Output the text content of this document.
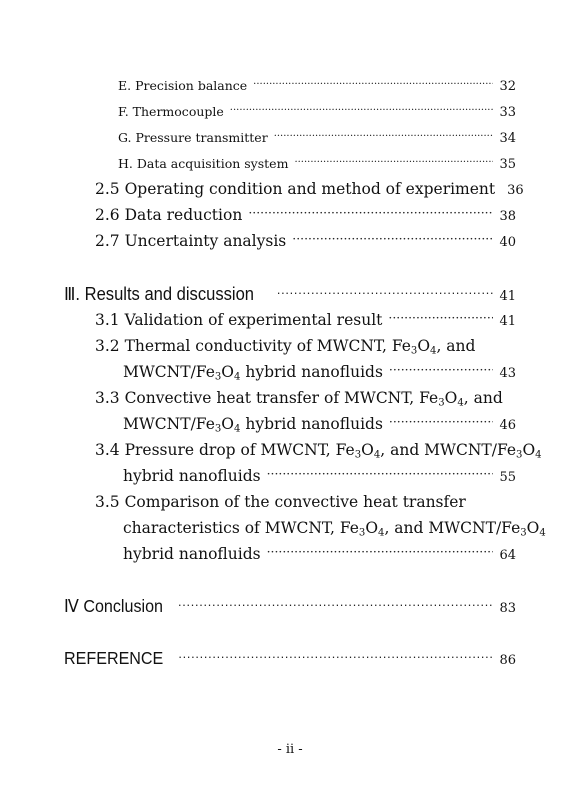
E. Precision balance ·····	32
F. Thermocouple ·····	33
G. Pressure transmitter ·····	34
H. Data acquisition system ·····	35
2.5 Operating condition and method of experiment 36
2.6 Data reduction ·····	38
2.7 Uncertainty analysis ·····	40
Ⅲ. Results and discussion ·····	41
3.1 Validation of experimental result ·····	41
3.2 Thermal conductivity of MWCNT, $Fe_3O_4$, and
MWCNT/$Fe_3O_4$ hybrid nanofluids ·····	43
3.3 Convective heat transfer of MWCNT, $Fe_3O_4$, and
MWCNT/$Fe_3O_4$ hybrid nanofluids ·····	46
3.4 Pressure drop of MWCNT, $Fe_3O_4$, and MWCNT/$Fe_3O_4$
hybrid nanofluids ·····	55
3.5 Comparison of the convective heat transfer
characteristics of MWCNT, $Fe_3O_4$, and MWCNT/$Fe_3O_4$
hybrid nanofluids ·····	64
Ⅳ Conclusion ·····	83
REFERENCE ·····	86
- ii -
